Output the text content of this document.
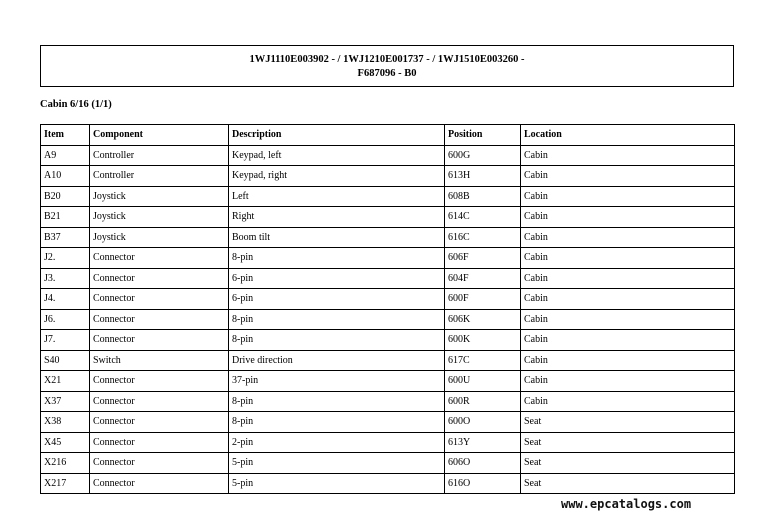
1WJ1110E003902 - / 1WJ1210E001737 - / 1WJ1510E003260 -
F687096 - B0
Cabin 6/16 (1/1)
Item	Component	Description	Position	Location
A9	Controller	Keypad, left	600G	Cabin
A10	Controller	Keypad, right	613H	Cabin
B20	Joystick	Left	608B	Cabin
B21	Joystick	Right	614C	Cabin
B37	Joystick	Boom tilt	616C	Cabin
J2.	Connector	8-pin	606F	Cabin
J3.	Connector	6-pin	604F	Cabin
J4.	Connector	6-pin	600F	Cabin
J6.	Connector	8-pin	606K	Cabin
J7.	Connector	8-pin	600K	Cabin
S40	Switch	Drive direction	617C	Cabin
X21	Connector	37-pin	600U	Cabin
X37	Connector	8-pin	600R	Cabin
X38	Connector	8-pin	600O	Seat
X45	Connector	2-pin	613Y	Seat
X216	Connector	5-pin	606O	Seat
X217	Connector	5-pin	616O	Seat
www.epcatalogs.com
